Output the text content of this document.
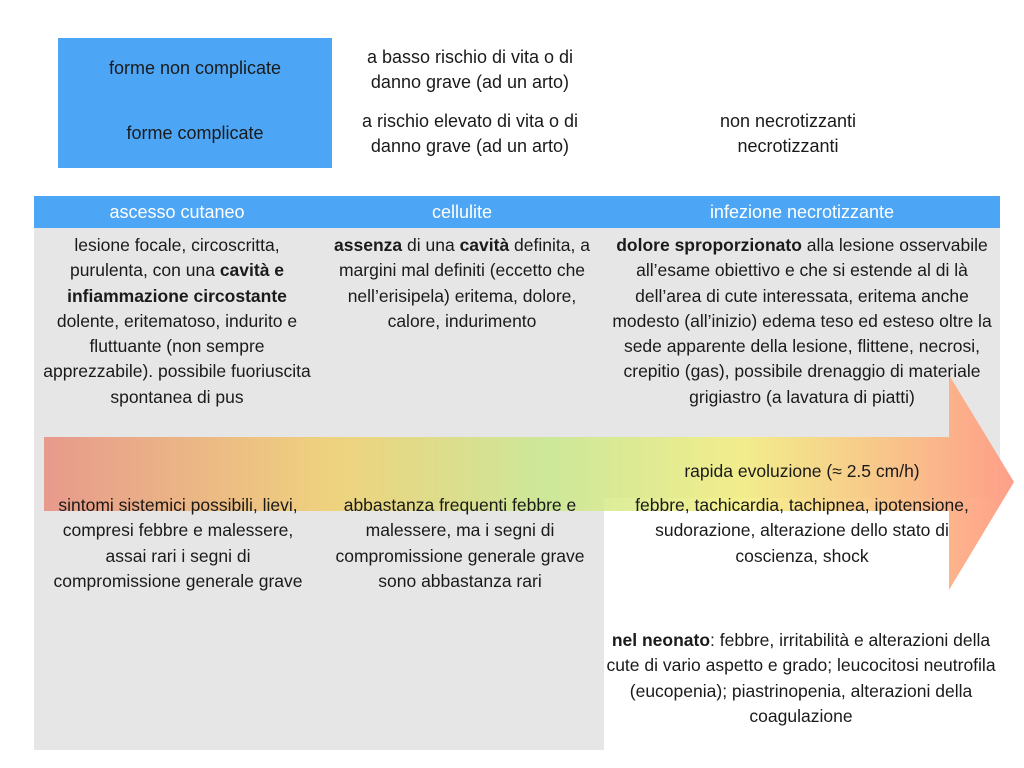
forme non complicate
forme complicate
a basso rischio di vita o di danno grave (ad un arto)
a rischio elevato di vita o di danno grave (ad un arto)
non necrotizzanti
necrotizzanti
ascesso cutaneo	cellulite	infezione necrotizzante
lesione focale, circoscritta, purulenta, con una cavità e infiammazione circostante dolente, eritematoso, indurito e fluttuante (non sempre apprezzabile). possibile fuoriuscita spontanea di pus
assenza di una cavità definita, a margini mal definiti (eccetto che nell’erisipela) eritema, dolore, calore, indurimento
dolore sproporzionato alla lesione osservabile all’esame obiettivo e che si estende al di là dell’area di cute interessata, eritema anche modesto (all’inizio) edema teso ed esteso oltre la sede apparente della lesione, flittene, necrosi, crepitio (gas), possibile drenaggio di materiale grigiastro (a lavatura di piatti)
rapida evoluzione (≈ 2.5 cm/h)
sintomi sistemici possibili, lievi, compresi febbre e malessere, assai rari i segni di compromissione generale grave
abbastanza frequenti febbre e malessere, ma i segni di compromissione generale grave sono abbastanza rari
febbre, tachicardia, tachipnea, ipotensione, sudorazione, alterazione dello stato di coscienza, shock
nel neonato: febbre, irritabilità e alterazioni della cute di vario aspetto e grado; leucocitosi neutrofila (eucopenia); piastrinopenia, alterazioni della coagulazione
